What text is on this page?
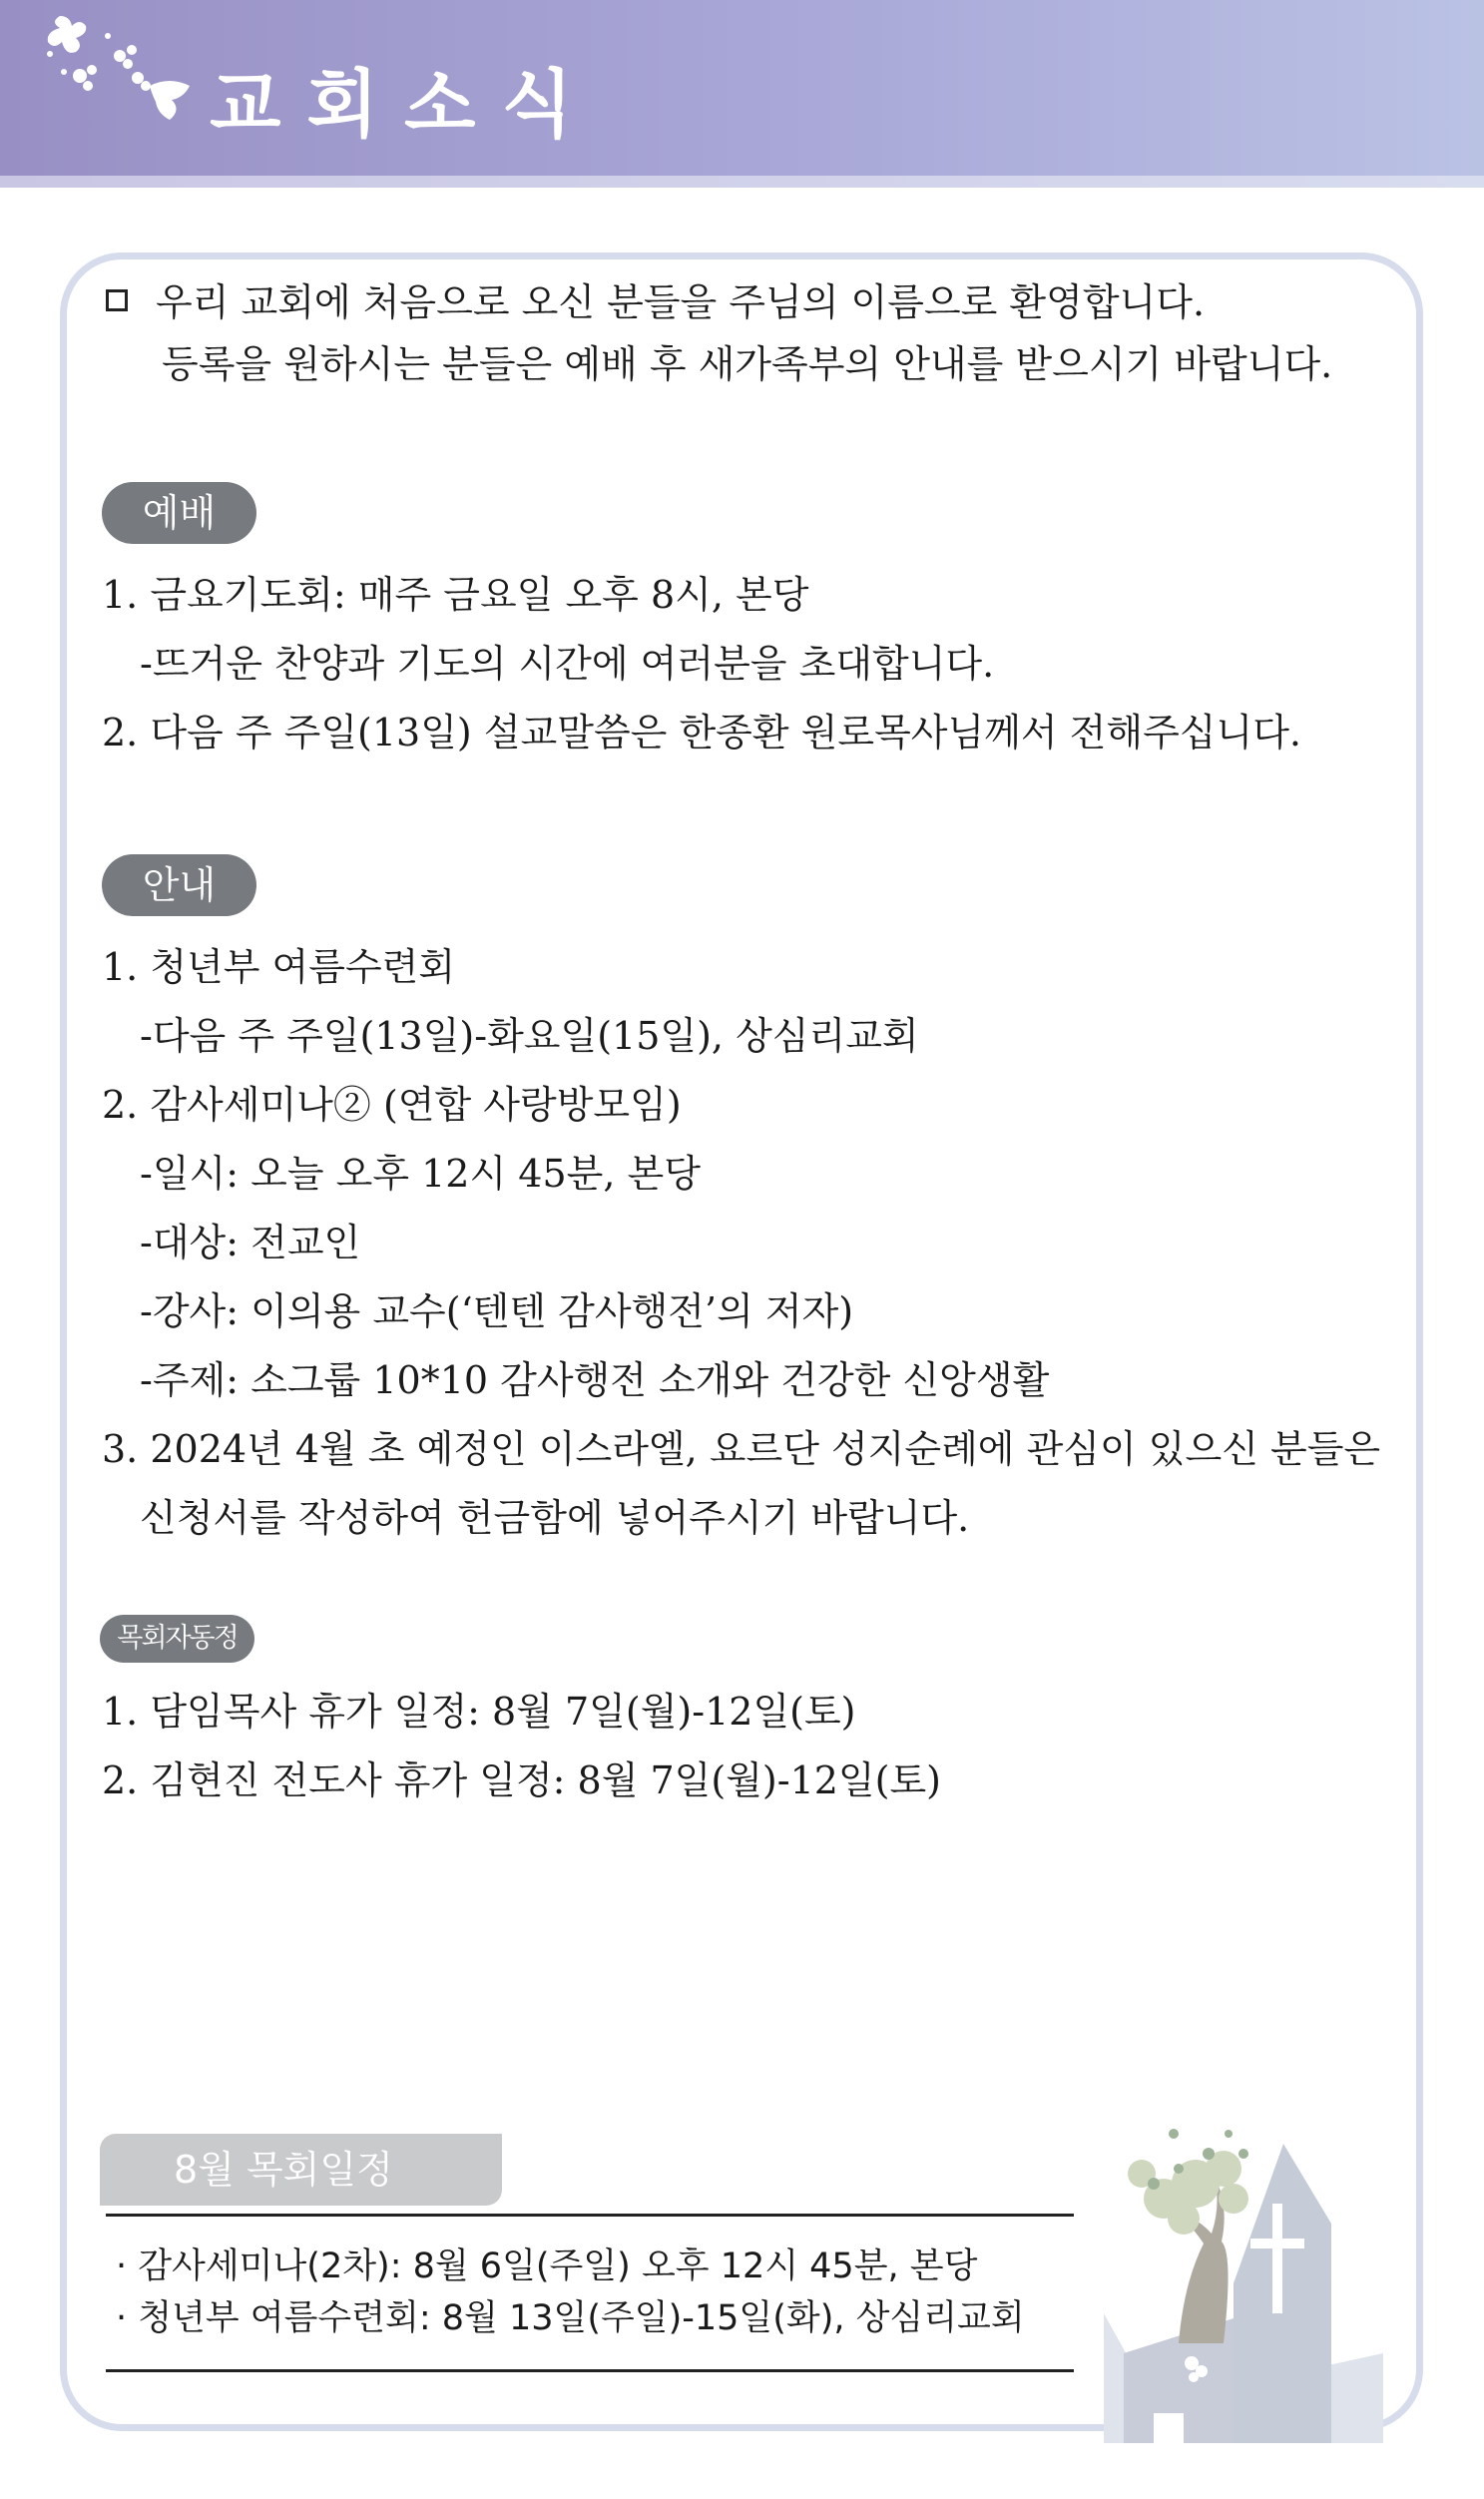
교회소식
우리 교회에 처음으로 오신 분들을 주님의 이름으로 환영합니다.
등록을 원하시는 분들은 예배 후 새가족부의 안내를 받으시기 바랍니다.
예배
1. 금요기도회: 매주 금요일 오후 8시, 본당
-뜨거운 찬양과 기도의 시간에 여러분을 초대합니다.
2. 다음 주 주일(13일) 설교말씀은 한종환 원로목사님께서 전해주십니다.
안내
1. 청년부 여름수련회
-다음 주 주일(13일)-화요일(15일), 상심리교회
2. 감사세미나② (연합 사랑방모임)
-일시: 오늘 오후 12시 45분, 본당
-대상: 전교인
-강사: 이의용 교수(‘텐텐 감사행전’의 저자)
-주제: 소그룹 10*10 감사행전 소개와 건강한 신앙생활
3. 2024년 4월 초 예정인 이스라엘, 요르단 성지순례에 관심이 있으신 분들은
신청서를 작성하여 헌금함에 넣어주시기 바랍니다.
목회자동정
1. 담임목사 휴가 일정: 8월 7일(월)-12일(토)
2. 김현진 전도사 휴가 일정: 8월 7일(월)-12일(토)
8월 목회일정
· 감사세미나(2차): 8월 6일(주일) 오후 12시 45분, 본당
· 청년부 여름수련회: 8월 13일(주일)-15일(화), 상심리교회
